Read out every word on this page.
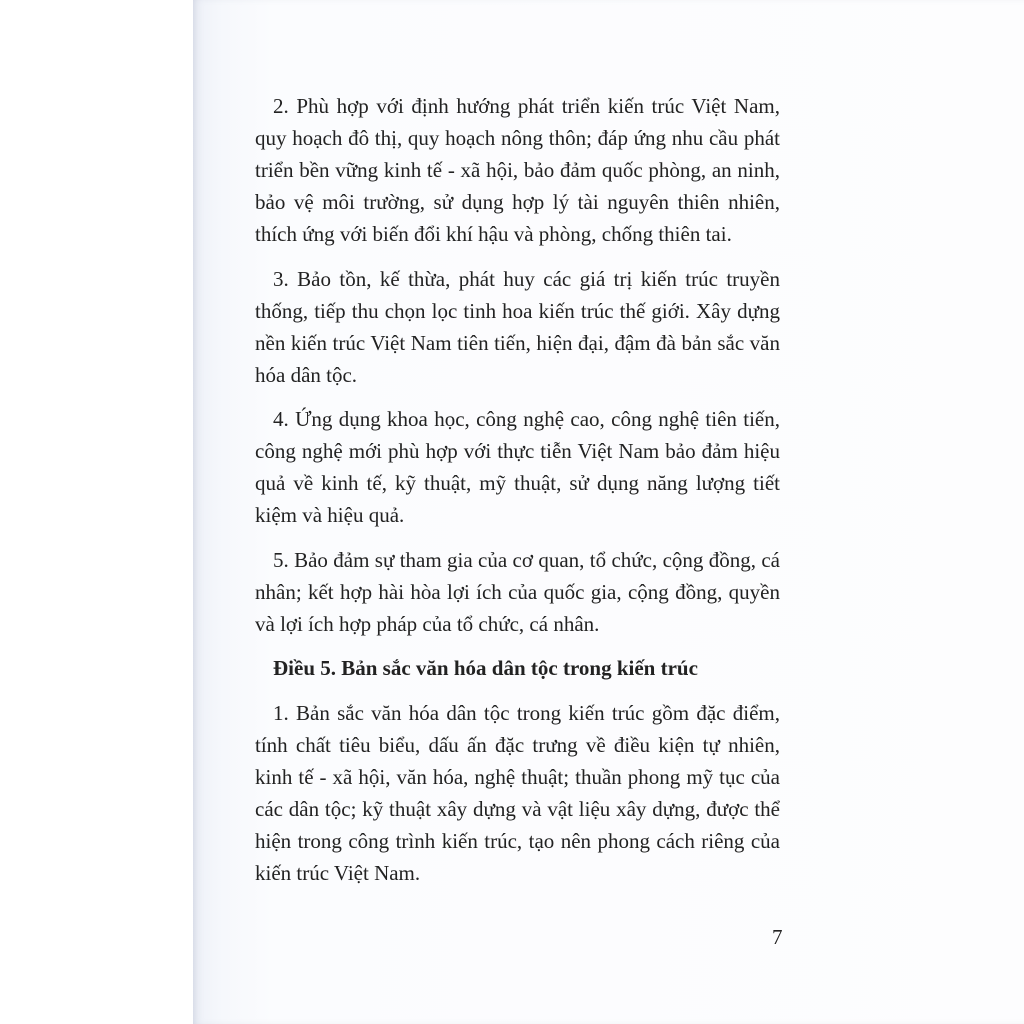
2. Phù hợp với định hướng phát triển kiến trúc Việt Nam, quy hoạch đô thị, quy hoạch nông thôn; đáp ứng nhu cầu phát triển bền vững kinh tế - xã hội, bảo đảm quốc phòng, an ninh, bảo vệ môi trường, sử dụng hợp lý tài nguyên thiên nhiên, thích ứng với biến đổi khí hậu và phòng, chống thiên tai.

3. Bảo tồn, kế thừa, phát huy các giá trị kiến trúc truyền thống, tiếp thu chọn lọc tinh hoa kiến trúc thế giới. Xây dựng nền kiến trúc Việt Nam tiên tiến, hiện đại, đậm đà bản sắc văn hóa dân tộc.

4. Ứng dụng khoa học, công nghệ cao, công nghệ tiên tiến, công nghệ mới phù hợp với thực tiễn Việt Nam bảo đảm hiệu quả về kinh tế, kỹ thuật, mỹ thuật, sử dụng năng lượng tiết kiệm và hiệu quả.

5. Bảo đảm sự tham gia của cơ quan, tổ chức, cộng đồng, cá nhân; kết hợp hài hòa lợi ích của quốc gia, cộng đồng, quyền và lợi ích hợp pháp của tổ chức, cá nhân.

Điều 5. Bản sắc văn hóa dân tộc trong kiến trúc

1. Bản sắc văn hóa dân tộc trong kiến trúc gồm đặc điểm, tính chất tiêu biểu, dấu ấn đặc trưng về điều kiện tự nhiên, kinh tế - xã hội, văn hóa, nghệ thuật; thuần phong mỹ tục của các dân tộc; kỹ thuật xây dựng và vật liệu xây dựng, được thể hiện trong công trình kiến trúc, tạo nên phong cách riêng của kiến trúc Việt Nam.

7
